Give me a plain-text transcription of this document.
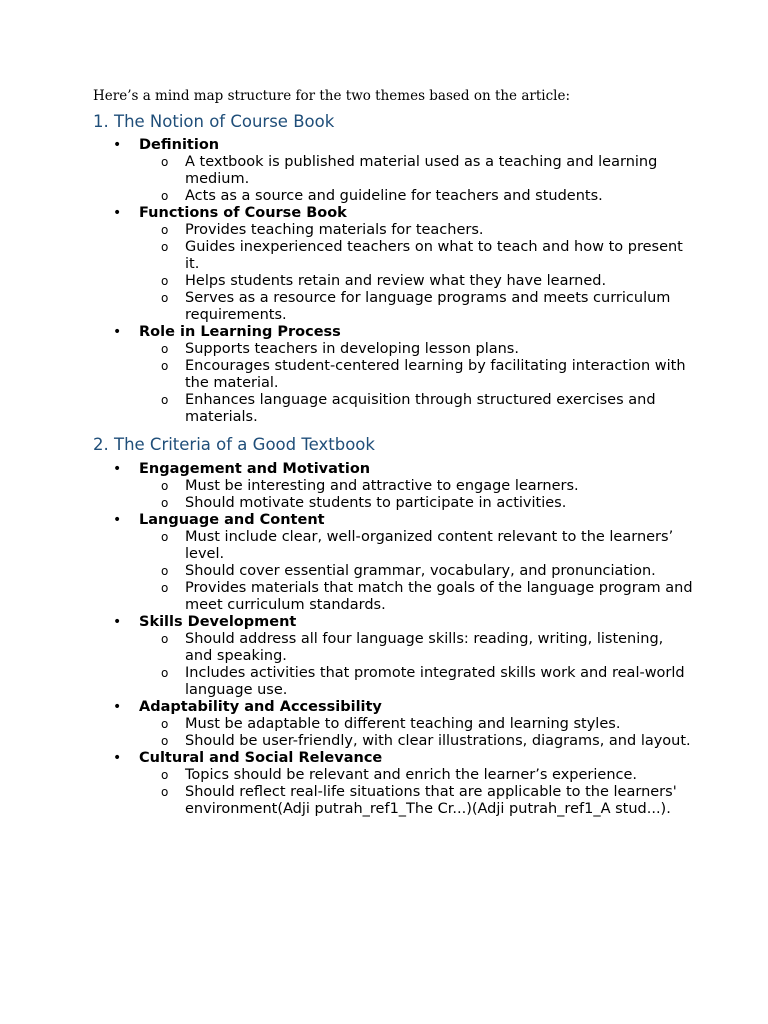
Here’s a mind map structure for the two themes based on the article:

1. The Notion of Course Book
• Definition
o A textbook is published material used as a teaching and learning medium.
o Acts as a source and guideline for teachers and students.
• Functions of Course Book
o Provides teaching materials for teachers.
o Guides inexperienced teachers on what to teach and how to present it.
o Helps students retain and review what they have learned.
o Serves as a resource for language programs and meets curriculum requirements.
• Role in Learning Process
o Supports teachers in developing lesson plans.
o Encourages student-centered learning by facilitating interaction with the material.
o Enhances language acquisition through structured exercises and materials.
2. The Criteria of a Good Textbook
• Engagement and Motivation
o Must be interesting and attractive to engage learners.
o Should motivate students to participate in activities.
• Language and Content
o Must include clear, well-organized content relevant to the learners’ level.
o Should cover essential grammar, vocabulary, and pronunciation.
o Provides materials that match the goals of the language program and meet curriculum standards.
• Skills Development
o Should address all four language skills: reading, writing, listening, and speaking.
o Includes activities that promote integrated skills work and real-world language use.
• Adaptability and Accessibility
o Must be adaptable to different teaching and learning styles.
o Should be user-friendly, with clear illustrations, diagrams, and layout.
• Cultural and Social Relevance
o Topics should be relevant and enrich the learner’s experience.
o Should reflect real-life situations that are applicable to the learners' environment(Adji putrah_ref1_The Cr...)(Adji putrah_ref1_A stud...).
